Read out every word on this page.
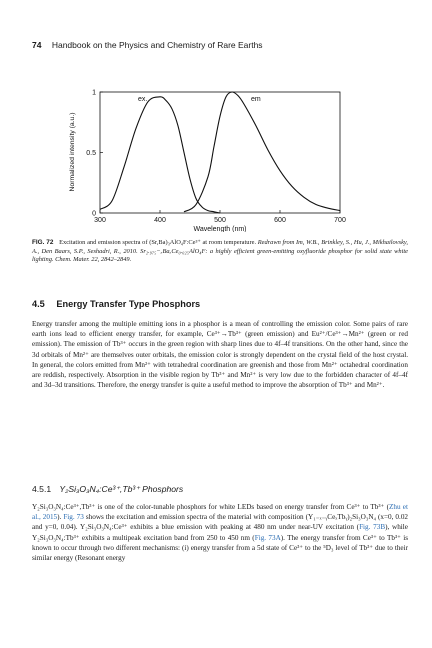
74 Handbook on the Physics and Chemistry of Rare Earths
300	400	500	600	700
0
0.5
1
Wavelength (nm)
Normalized intensity (a.u.)
ex.	em
FIG. 72 Excitation and emission spectra of (Sr,Ba)₃AlO₄F:Ce³⁺ at room temperature. Redrawn from Im, W.B., Brinkley, S., Hu, J., Mikhailovsky, A., Den Baars, S.P., Seshadri, R., 2010. Sr₂.₉₇₅−ₓBaₓCe₀.₀₂₅AlO₄F: a highly efficient green-emitting oxyfluoride phosphor for solid state white lighting. Chem. Mater. 22, 2842–2849.
4.5 Energy Transfer Type Phosphors
Energy transfer among the multiple emitting ions in a phosphor is a mean of controlling the emission color. Some pairs of rare earth ions lead to efficient energy transfer, for example, Ce³⁺→Tb³⁺ (green emission) and Eu²⁺/Ce³⁺→Mn²⁺ (green or red emission). The emission of Tb³⁺ occurs in the green region with sharp lines due to 4f–4f transitions. On the other hand, since the 3d orbitals of Mn²⁺ are themselves outer orbitals, the emission color is strongly dependent on the crystal field of the host crystal. In general, the colors emitted from Mn²⁺ with tetrahedral coordination are greenish and those from Mn²⁺ octahedral coordination are reddish, respectively. Absorption in the visible region by Tb³⁺ and Mn²⁺ is very low due to the forbidden character of 4f–4f and 3d–3d transitions. Therefore, the energy transfer is quite a useful method to improve the absorption of Tb³⁺ and Mn²⁺.
4.5.1 Y₂Si₃O₃N₄:Ce³⁺,Tb³⁺ Phosphors
Y₂Si₃O₃N₄:Ce³⁺,Tb³⁺ is one of the color-tunable phosphors for white LEDs based on energy transfer from Ce³⁺ to Tb³⁺ (Zhu et al., 2015). Fig. 73 shows the excitation and emission spectra of the material with composition (Y₁₋ₓ₋ᵧCeₓTbᵧ)₂Si₃O₃N₄ (x=0, 0.02 and y=0, 0.04). Y₂Si₃O₃N₄:Ce³⁺ exhibits a blue emission with peaking at 480 nm under near-UV excitation (Fig. 73B), while Y₂Si₃O₃N₄:Tb³⁺ exhibits a multipeak excitation band from 250 to 450 nm (Fig. 73A). The energy transfer from Ce³⁺ to Tb³⁺ is known to occur through two different mechanisms: (i) energy transfer from a 5d state of Ce³⁺ to the ⁵D₃ level of Tb³⁺ due to their similar energy (Resonant energy
